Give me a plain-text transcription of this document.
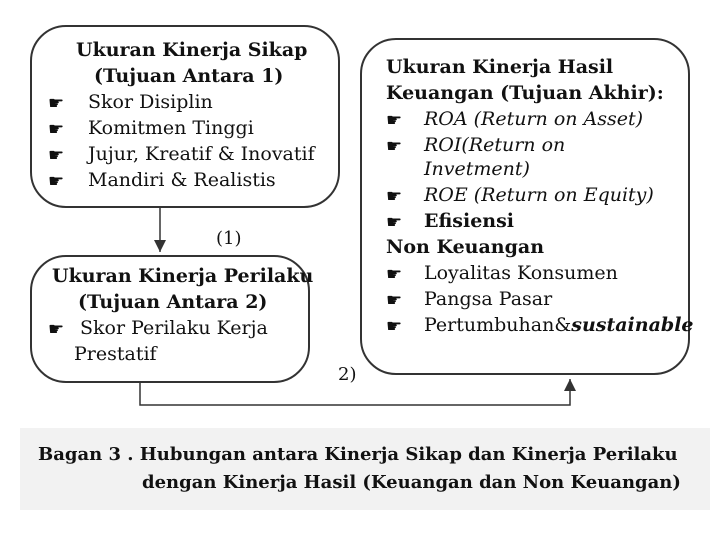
Ukuran Kinerja Sikap
(Tujuan Antara 1)
☚ Skor Disiplin
☚ Komitmen Tinggi
☚ Jujur, Kreatif & Inovatif
☚ Mandiri & Realistis
Ukuran Kinerja Perilaku
(Tujuan Antara 2)
☚ Skor Perilaku Kerja
Prestatif
Ukuran Kinerja Hasil
Keuangan (Tujuan Akhir):
☚ ROA (Return on Asset)
☚ ROI(Return on
Invetment)
☚ ROE (Return on Equity)
☚ Efisiensi
Non Keuangan
☚ Loyalitas Konsumen
☚ Pangsa Pasar
☚ Pertumbuhan&sustainable
(1)
2)
Bagan 3 . Hubungan antara Kinerja Sikap dan Kinerja Perilaku
dengan Kinerja Hasil (Keuangan dan Non Keuangan)
